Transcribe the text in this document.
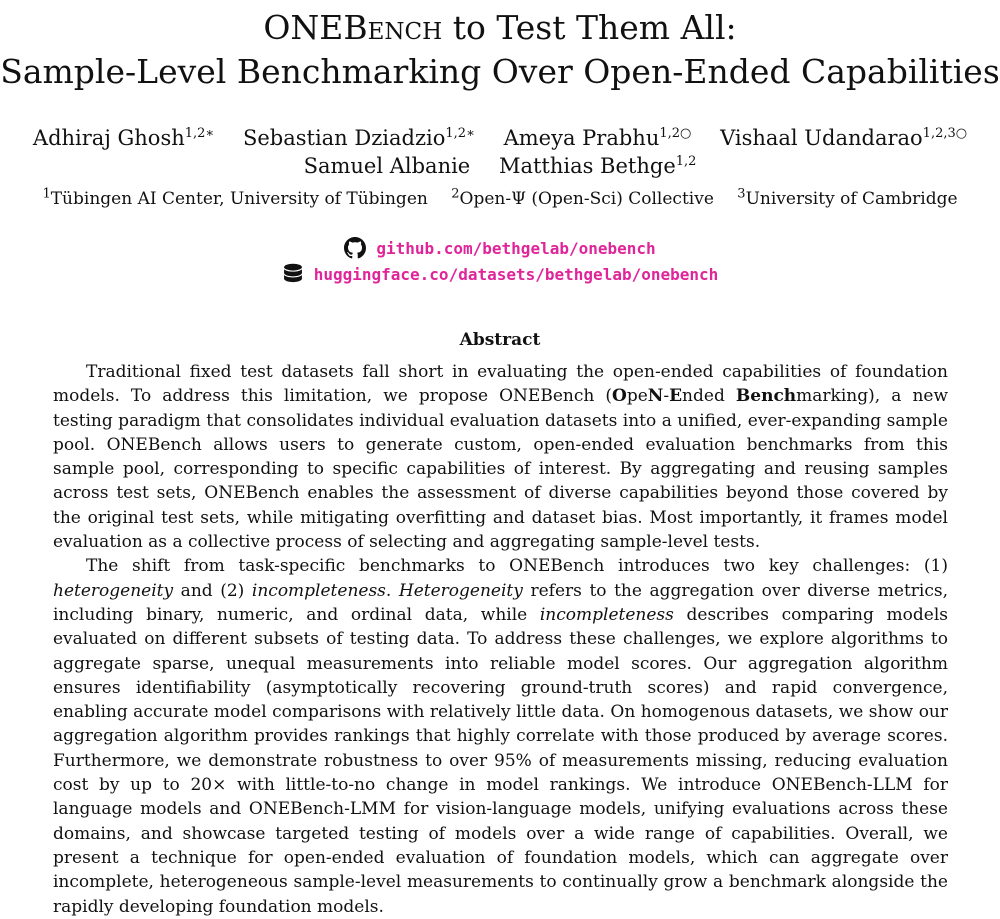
ONEBench to Test Them All:
Sample-Level Benchmarking Over Open-Ended Capabilities
Adhiraj Ghosh$^{1,2∗}$ Sebastian Dziadzio$^{1,2∗}$ Ameya Prabhu$^{1,2○}$ Vishaal Udandarao$^{1,2,3○}$
Samuel Albanie Matthias Bethge$^{1,2}$
$^1$Tübingen AI Center, University of Tübingen $^2$Open-Ψ (Open-Sci) Collective $^3$University of Cambridge
github.com/bethgelab/onebench
huggingface.co/datasets/bethgelab/onebench
Abstract

Traditional fixed test datasets fall short in evaluating the open-ended capabilities of foundation models. To address this limitation, we propose ONEBench (OpeN-Ended Benchmarking), a new testing paradigm that consolidates individual evaluation datasets into a unified, ever-expanding sample pool. ONEBench allows users to generate custom, open-ended evaluation benchmarks from this sample pool, corresponding to specific capabilities of interest. By aggregating and reusing samples across test sets, ONEBench enables the assessment of diverse capabilities beyond those covered by the original test sets, while mitigating overfitting and dataset bias. Most importantly, it frames model evaluation as a collective process of selecting and aggregating sample-level tests.

The shift from task-specific benchmarks to ONEBench introduces two key challenges: (1) heterogeneity and (2) incompleteness. Heterogeneity refers to the aggregation over diverse metrics, including binary, numeric, and ordinal data, while incompleteness describes comparing models evaluated on different subsets of testing data. To address these challenges, we explore algorithms to aggregate sparse, unequal measurements into reliable model scores. Our aggregation algorithm ensures identifiability (asymptotically recovering ground-truth scores) and rapid convergence, enabling accurate model comparisons with relatively little data. On homogenous datasets, we show our aggregation algorithm provides rankings that highly correlate with those produced by average scores. Furthermore, we demonstrate robustness to over 95% of measurements missing, reducing evaluation cost by up to 20× with little-to-no change in model rankings. We introduce ONEBench-LLM for language models and ONEBench-LMM for vision-language models, unifying evaluations across these domains, and showcase targeted testing of models over a wide range of capabilities. Overall, we present a technique for open-ended evaluation of foundation models, which can aggregate over incomplete, heterogeneous sample-level measurements to continually grow a benchmark alongside the rapidly developing foundation models.
